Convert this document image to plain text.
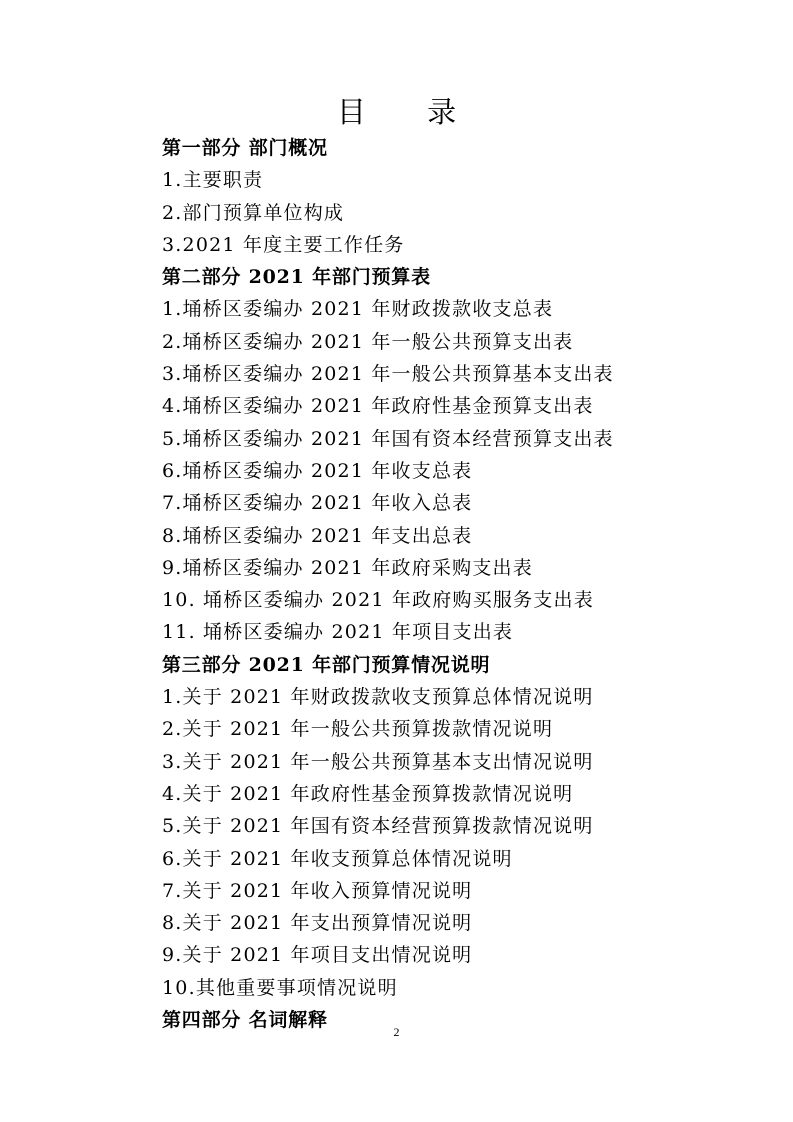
目 录
第一部分 部门概况
1.主要职责
2.部门预算单位构成
3.2021 年度主要工作任务
第二部分 2021 年部门预算表
1.埇桥区委编办 2021 年财政拨款收支总表
2.埇桥区委编办 2021 年一般公共预算支出表
3.埇桥区委编办 2021 年一般公共预算基本支出表
4.埇桥区委编办 2021 年政府性基金预算支出表
5.埇桥区委编办 2021 年国有资本经营预算支出表
6.埇桥区委编办 2021 年收支总表
7.埇桥区委编办 2021 年收入总表
8.埇桥区委编办 2021 年支出总表
9.埇桥区委编办 2021 年政府采购支出表
10. 埇桥区委编办 2021 年政府购买服务支出表
11. 埇桥区委编办 2021 年项目支出表
第三部分 2021 年部门预算情况说明
1.关于 2021 年财政拨款收支预算总体情况说明
2.关于 2021 年一般公共预算拨款情况说明
3.关于 2021 年一般公共预算基本支出情况说明
4.关于 2021 年政府性基金预算拨款情况说明
5.关于 2021 年国有资本经营预算拨款情况说明
6.关于 2021 年收支预算总体情况说明
7.关于 2021 年收入预算情况说明
8.关于 2021 年支出预算情况说明
9.关于 2021 年项目支出情况说明
10.其他重要事项情况说明
第四部分 名词解释
2
